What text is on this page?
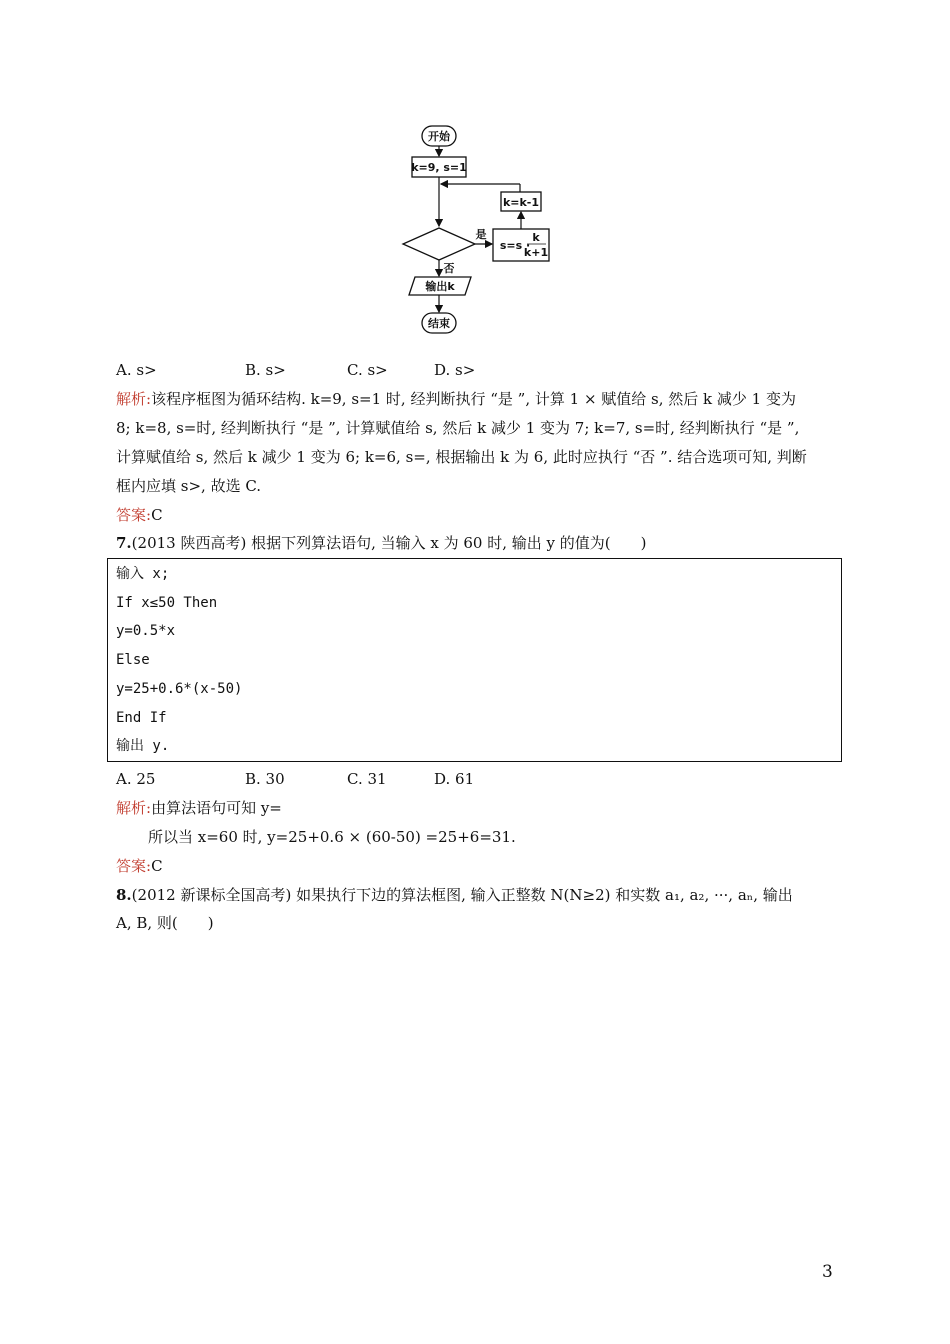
开始
k=9, s=1
k=k-1
是
s=s ·
k
k+1
否
输出k
结束
A. s>	B. s>	C. s>	D. s>
解析:该程序框图为循环结构. k=9, s=1 时, 经判断执行 “是 ”, 计算 1 × 赋值给 s, 然后 k 减少 1 变为
8; k=8, s=时, 经判断执行 “是 ”, 计算赋值给 s, 然后 k 减少 1 变为 7; k=7, s=时, 经判断执行 “是 ”,
计算赋值给 s, 然后 k 减少 1 变为 6; k=6, s=, 根据输出 k 为 6, 此时应执行 “否 ”. 结合选项可知, 判断
框内应填 s>, 故选 C.
答案:C
7.(2013 陕西高考) 根据下列算法语句, 当输入 x 为 60 时, 输出 y 的值为(　　)
输入 x;
If x≤50 Then
y=0.5*x
Else
y=25+0.6*(x-50)
End If
输出 y.
A. 25	B. 30	C. 31	D. 61
解析:由算法语句可知 y=
所以当 x=60 时, y=25+0.6 × (60-50) =25+6=31.
答案:C
8.(2012 新课标全国高考) 如果执行下边的算法框图, 输入正整数 N(N≥2) 和实数 a₁, a₂, ···, aₙ, 输出
A, B, 则(　　)
3
